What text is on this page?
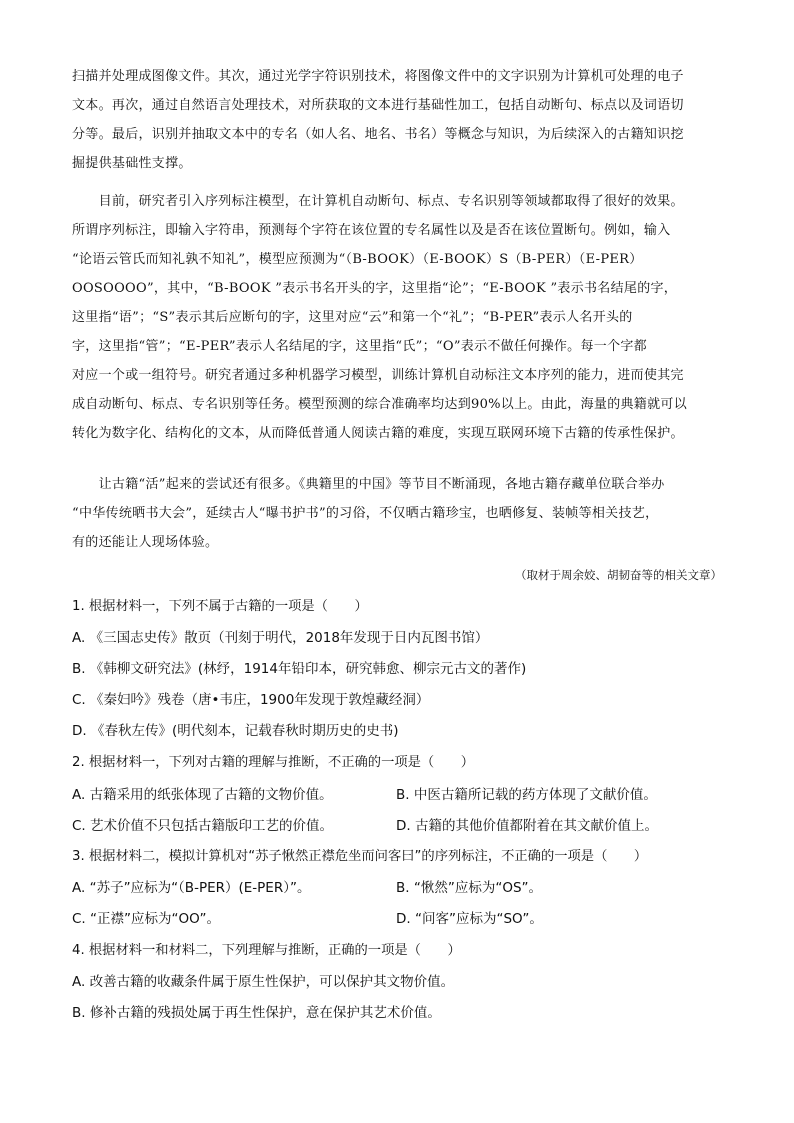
扫描并处理成图像文件。其次，通过光学字符识别技术，将图像文件中的文字识别为计算机可处理的电子
文本。再次，通过自然语言处理技术，对所获取的文本进行基础性加工，包括自动断句、标点以及词语切
分等。最后，识别并抽取文本中的专名（如人名、地名、书名）等概念与知识，为后续深入的古籍知识挖
掘提供基础性支撑。
　　目前，研究者引入序列标注模型，在计算机自动断句、标点、专名识别等领域都取得了很好的效果。
所谓序列标注，即输入字符串，预测每个字符在该位置的专名属性以及是否在该位置断句。例如，输入
“论语云管氏而知礼孰不知礼”，模型应预测为“（B-BOOK）（E-BOOK）S（B-PER）（E-PER）
OOSOOOO”，其中，“B-BOOK ”表示书名开头的字，这里指“论”；“E-BOOK ”表示书名结尾的字，
这里指“语”；“S”表示其后应断句的字，这里对应“云”和第一个“礼”；“B-PER”表示人名开头的
字，这里指“管”；“E-PER”表示人名结尾的字，这里指“氏”；“O”表示不做任何操作。每一个字都
对应一个或一组符号。研究者通过多种机器学习模型，训练计算机自动标注文本序列的能力，进而使其完
成自动断句、标点、专名识别等任务。模型预测的综合准确率均达到90%以上。由此，海量的典籍就可以
转化为数字化、结构化的文本，从而降低普通人阅读古籍的难度，实现互联网环境下古籍的传承性保护。
　　让古籍“活”起来的尝试还有很多。《典籍里的中国》等节目不断涌现，各地古籍存藏单位联合举办
“中华传统晒书大会”，延续古人“曝书护书”的习俗，不仅晒古籍珍宝，也晒修复、装帧等相关技艺，
有的还能让人现场体验。
（取材于周余姣、胡韧奋等的相关文章）
1. 根据材料一，下列不属于古籍的一项是（　　）
A. 《三国志史传》散页（刊刻于明代，2018年发现于日内瓦图书馆）
B. 《韩柳文研究法》(林纾，1914年铅印本，研究韩愈、柳宗元古文的著作)
C. 《秦妇吟》残卷（唐•韦庄，1900年发现于敦煌藏经洞）
D. 《春秋左传》(明代刻本，记载春秋时期历史的史书)
2. 根据材料一，下列对古籍的理解与推断，不正确的一项是（　　）
A. 古籍采用的纸张体现了古籍的文物价值。	B. 中医古籍所记载的药方体现了文献价值。
C. 艺术价值不只包括古籍版印工艺的价值。	D. 古籍的其他价值都附着在其文献价值上。
3. 根据材料二，模拟计算机对“苏子愀然正襟危坐而问客曰”的序列标注，不正确的一项是（　　）
A. “苏子”应标为“（B-PER）(E-PER）”。	B. “愀然”应标为“OS”。
C. “正襟”应标为“OO”。	D. “问客”应标为“SO”。
4. 根据材料一和材料二，下列理解与推断，正确的一项是（　　）
A. 改善古籍的收藏条件属于原生性保护，可以保护其文物价值。
B. 修补古籍的残损处属于再生性保护，意在保护其艺术价值。
